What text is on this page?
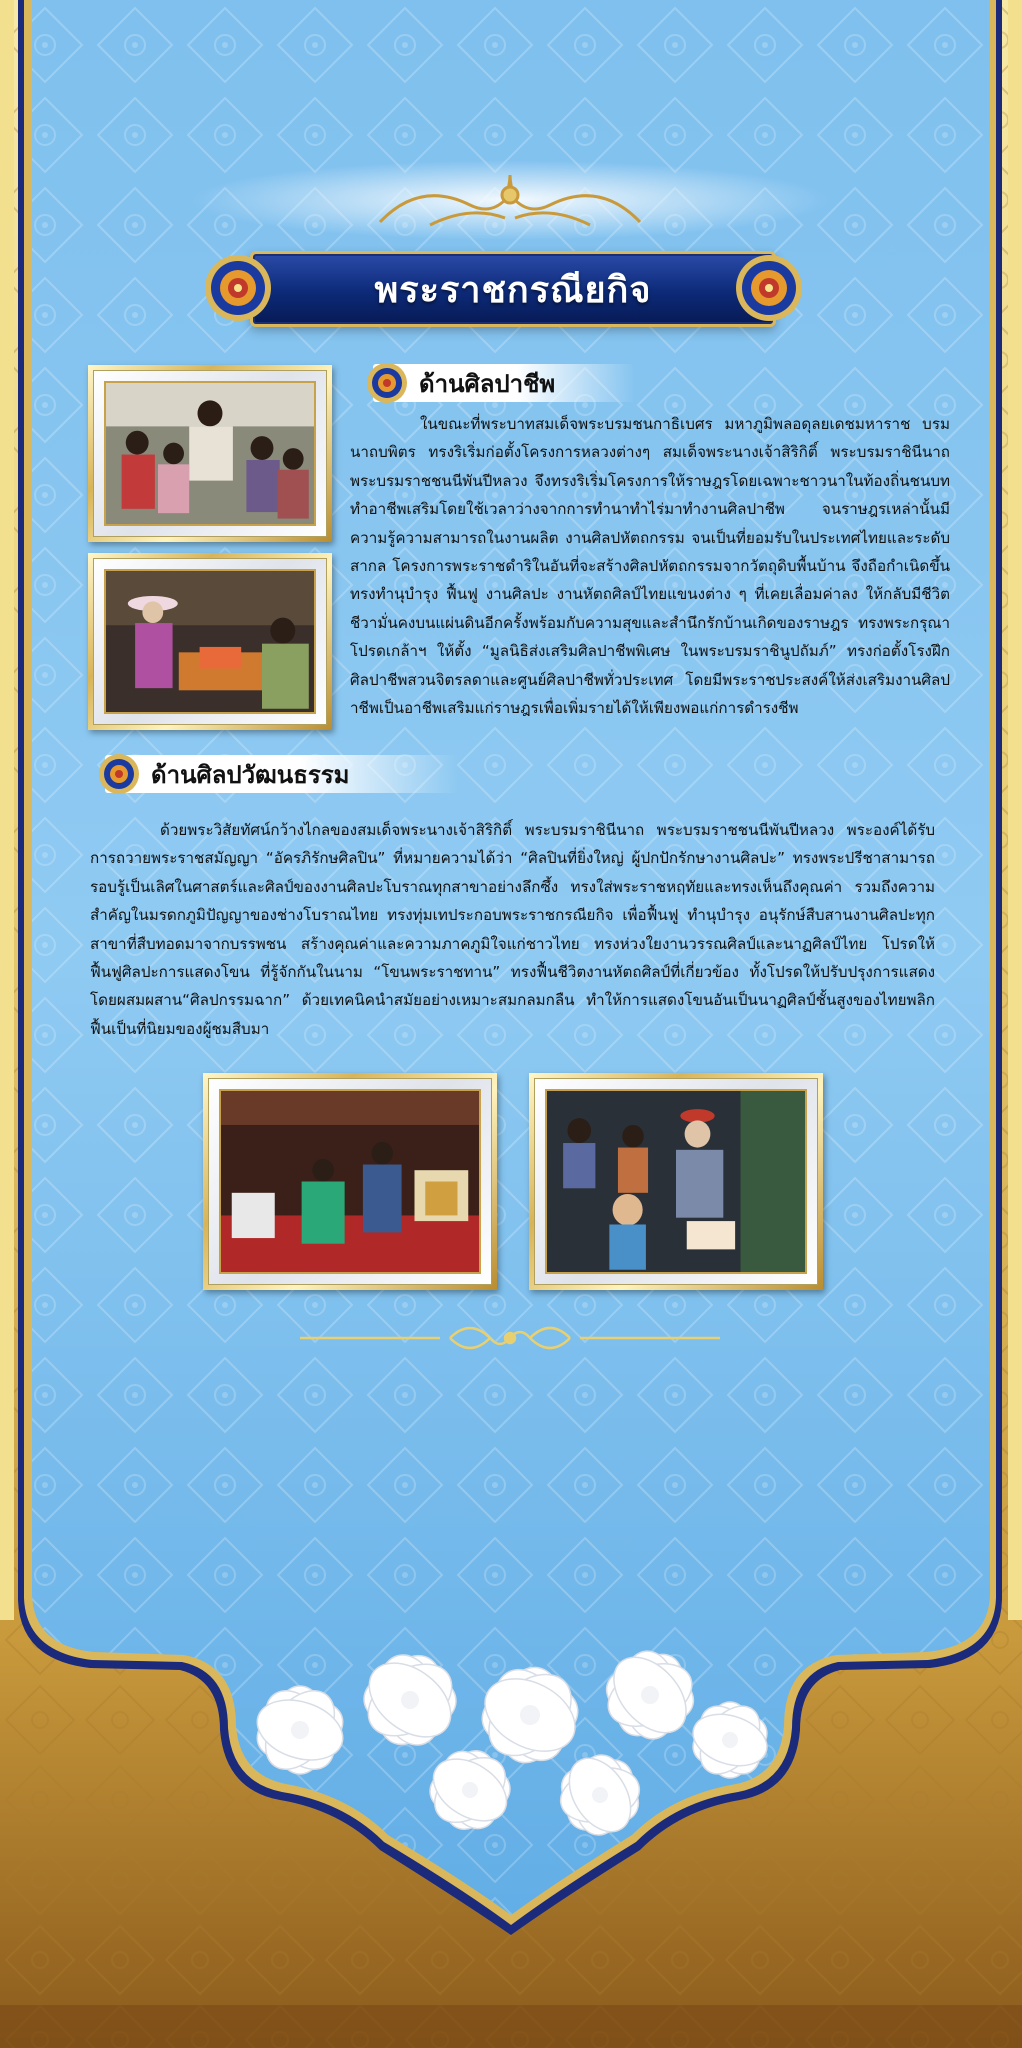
พระราชกรณียกิจ
ด้านศิลปาชีพ

ในขณะที่พระบาทสมเด็จพระบรมชนกาธิเบศร มหาภูมิพลอดุลยเดชมหาราช บรมนาถบพิตร ทรงริเริ่มก่อตั้งโครงการหลวงต่างๆ สมเด็จพระนางเจ้าสิริกิติ์ พระบรมราชินีนาถ พระบรมราชชนนีพันปีหลวง จึงทรงริเริ่มโครงการให้ราษฎรโดยเฉพาะชาวนาในท้องถิ่นชนบท ทำอาชีพเสริมโดยใช้เวลาว่างจากการทำนาทำไร่มาทำงานศิลปาชีพ จนราษฎรเหล่านั้นมีความรู้ความสามารถในงานผลิต งานศิลปหัตถกรรม จนเป็นที่ยอมรับในประเทศไทยและระดับสากล โครงการพระราชดำริในอันที่จะสร้างศิลปหัตถกรรมจากวัตถุดิบพื้นบ้าน จึงถือกำเนิดขึ้น ทรงทำนุบำรุง ฟื้นฟู งานศิลปะ งานหัตถศิลป์ไทยแขนงต่าง ๆ ที่เคยเลื่อมค่าลง ให้กลับมีชีวิตชีวามั่นคงบนแผ่นดินอีกครั้งพร้อมกับความสุขและสำนึกรักบ้านเกิดของราษฎร ทรงพระกรุณาโปรดเกล้าฯ ให้ตั้ง “มูลนิธิส่งเสริมศิลปาชีพพิเศษ ในพระบรมราชินูปถัมภ์” ทรงก่อตั้งโรงฝึกศิลปาชีพสวนจิตรลดาและศูนย์ศิลปาชีพทั่วประเทศ โดยมีพระราชประสงค์ให้ส่งเสริมงานศิลปาชีพเป็นอาชีพเสริมแก่ราษฎรเพื่อเพิ่มรายได้ให้เพียงพอแก่การดำรงชีพ

ด้านศิลปวัฒนธรรม

ด้วยพระวิสัยทัศน์กว้างไกลของสมเด็จพระนางเจ้าสิริกิติ์ พระบรมราชินีนาถ พระบรมราชชนนีพันปีหลวง พระองค์ได้รับการถวายพระราชสมัญญา “อัครภิรักษศิลปิน” ที่หมายความได้ว่า “ศิลปินที่ยิ่งใหญ่ ผู้ปกปักรักษางานศิลปะ” ทรงพระปรีชาสามารถรอบรู้เป็นเลิศในศาสตร์และศิลป์ของงานศิลปะโบราณทุกสาขาอย่างลึกซึ้ง ทรงใส่พระราชหฤทัยและทรงเห็นถึงคุณค่า รวมถึงความสำคัญในมรดกภูมิปัญญาของช่างโบราณไทย ทรงทุ่มเทประกอบพระราชกรณียกิจ เพื่อฟื้นฟู ทำนุบำรุง อนุรักษ์สืบสานงานศิลปะทุกสาขาที่สืบทอดมาจากบรรพชน สร้างคุณค่าและความภาคภูมิใจแก่ชาวไทย ทรงห่วงใยงานวรรณศิลป์และนาฏศิลป์ไทย โปรดให้ฟื้นฟูศิลปะการแสดงโขน ที่รู้จักกันในนาม “โขนพระราชทาน” ทรงฟื้นชีวิตงานหัตถศิลป์ที่เกี่ยวข้อง ทั้งโปรดให้ปรับปรุงการแสดงโดยผสมผสาน“ศิลปกรรมฉาก” ด้วยเทคนิคนำสมัยอย่างเหมาะสมกลมกลืน ทำให้การแสดงโขนอันเป็นนาฏศิลป์ชั้นสูงของไทยพลิกฟื้นเป็นที่นิยมของผู้ชมสืบมา
